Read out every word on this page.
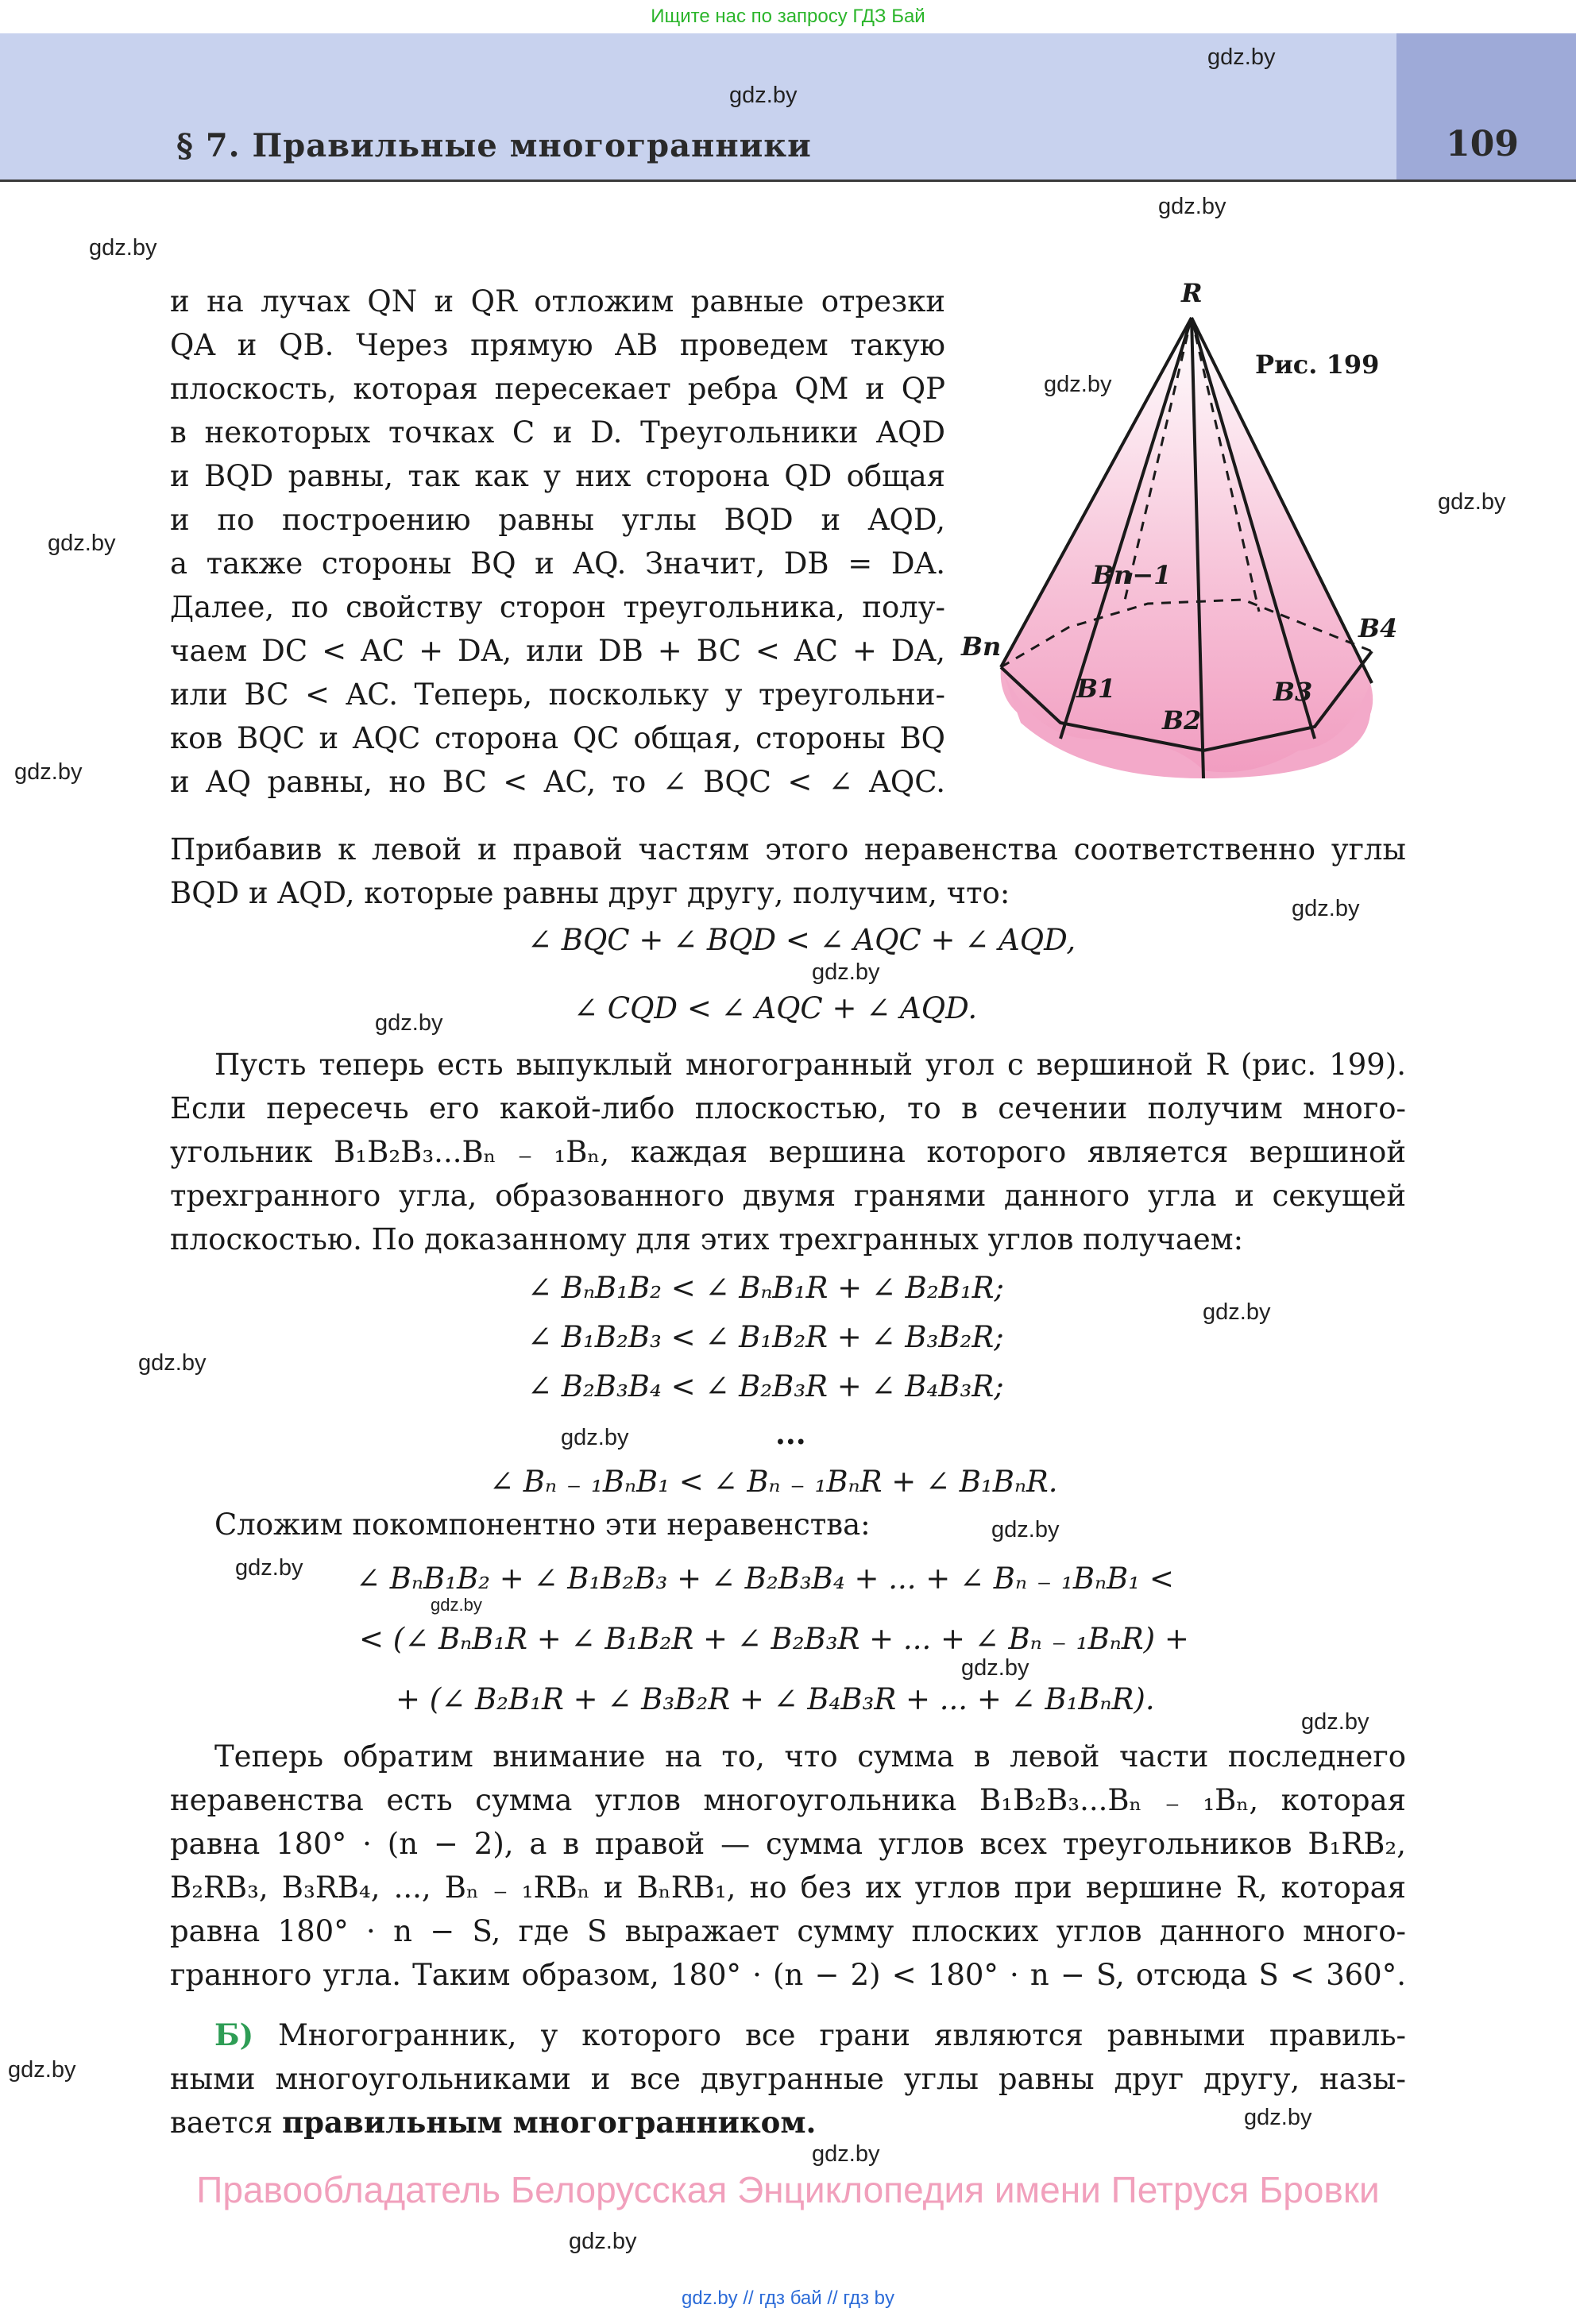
Ищите нас по запросу ГДЗ Бай
§ 7. Правильные многогранники	109
gdz.by
gdz.by
gdz.by
gdz.by
gdz.by
gdz.by
gdz.by
gdz.by
gdz.by
gdz.by
gdz.by
gdz.by
gdz.by
gdz.by
gdz.by
gdz.by
gdz.by
gdz.by
gdz.by
gdz.by
gdz.by
gdz.by
gdz.by
и на лучах QN и QR отложим равные отрезки
QA и QB. Через прямую AB проведем такую
плоскость, которая пересекает ребра QM и QP
в некоторых точках C и D. Треугольники AQD
и BQD равны, так как у них сторона QD общая
и по построению равны углы BQD и AQD,
а также стороны BQ и AQ. Значит, DB = DA.
Далее, по свойству сторон треугольника, полу-
чаем DC < AC + DA, или DB + BC < AC + DA,
или BC < AC. Теперь, поскольку у треугольни-
ков BQC и AQC сторона QC общая, стороны BQ
и AQ равны, но BC < AC, то ∠ BQC < ∠ AQC.
R
Рис. 199
Bn−1
Bn
B1
B2
B3
B4
Прибавив к левой и правой частям этого неравенства соответственно углы
BQD и AQD, которые равны друг другу, получим, что:
∠ BQC + ∠ BQD < ∠ AQC + ∠ AQD,
∠ CQD < ∠ AQC + ∠ AQD.
Пусть теперь есть выпуклый многогранный угол с вершиной R (рис. 199).
Если пересечь его какой-либо плоскостью, то в сечении получим много-
угольник B₁B₂B₃...Bₙ ₋ ₁Bₙ, каждая вершина которого является вершиной
трехгранного угла, образованного двумя гранями данного угла и секущей
плоскостью. По доказанному для этих трехгранных углов получаем:
∠ BₙB₁B₂ < ∠ BₙB₁R + ∠ B₂B₁R;
∠ B₁B₂B₃ < ∠ B₁B₂R + ∠ B₃B₂R;
∠ B₂B₃B₄ < ∠ B₂B₃R + ∠ B₄B₃R;
...
∠ Bₙ ₋ ₁BₙB₁ < ∠ Bₙ ₋ ₁BₙR + ∠ B₁BₙR.
Сложим покомпонентно эти неравенства:
∠ BₙB₁B₂ + ∠ B₁B₂B₃ + ∠ B₂B₃B₄ + ... + ∠ Bₙ ₋ ₁BₙB₁ <
< (∠ BₙB₁R + ∠ B₁B₂R + ∠ B₂B₃R + ... + ∠ Bₙ ₋ ₁BₙR) +
+ (∠ B₂B₁R + ∠ B₃B₂R + ∠ B₄B₃R + ... + ∠ B₁BₙR).
Теперь обратим внимание на то, что сумма в левой части последнего
неравенства есть сумма углов многоугольника B₁B₂B₃...Bₙ ₋ ₁Bₙ, которая
равна 180° · (n − 2), а в правой — сумма углов всех треугольников B₁RB₂,
B₂RB₃, B₃RB₄, ..., Bₙ ₋ ₁RBₙ и BₙRB₁, но без их углов при вершине R, которая
равна 180° · n − S, где S выражает сумму плоских углов данного много-
гранного угла. Таким образом, 180° · (n − 2) < 180° · n − S, отсюда S < 360°.
Б) Многогранник, у которого все грани являются равными правиль-
ными многоугольниками и все двугранные углы равны друг другу, назы-
вается правильным многогранником.
Правообладатель Белорусская Энциклопедия имени Петруся Бровки
gdz.by // гдз бай // гдз by
